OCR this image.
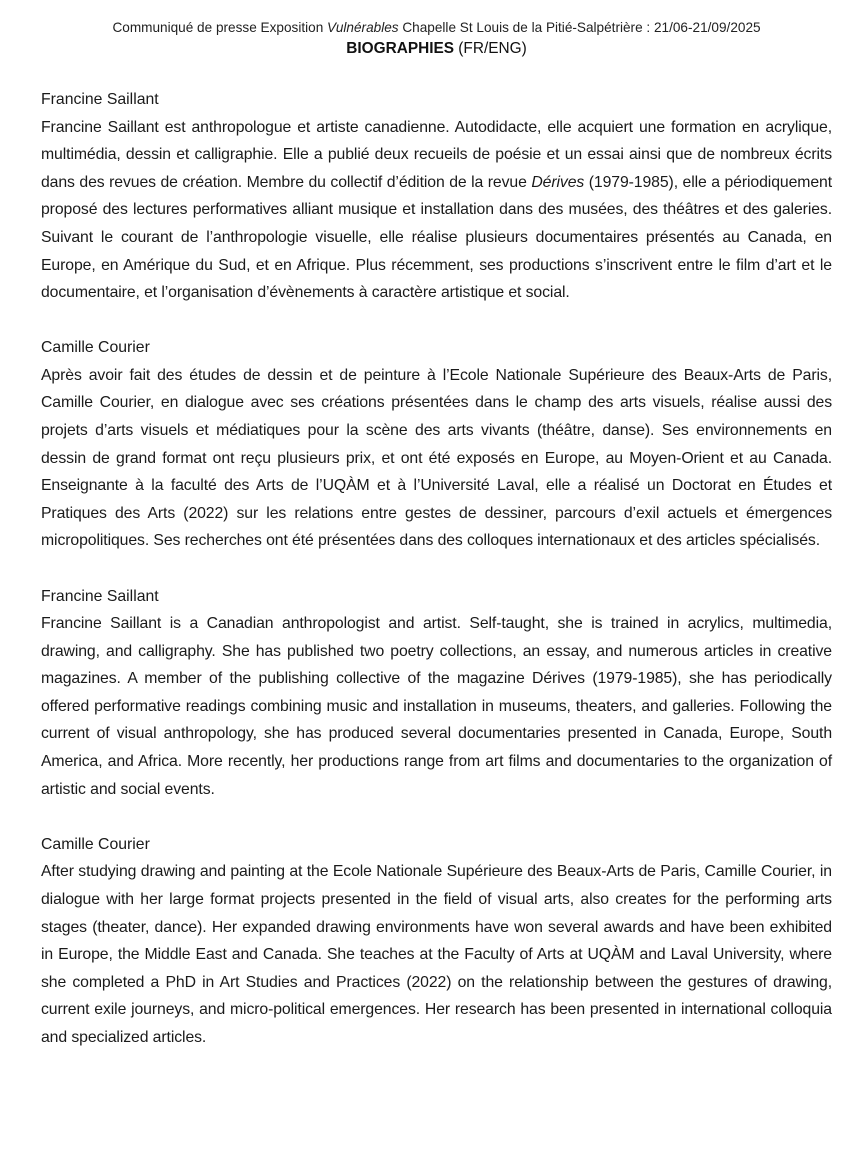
Communiqué de presse Exposition Vulnérables Chapelle St Louis de la Pitié-Salpétrière : 21/06-21/09/2025
BIOGRAPHIES (FR/ENG)
Francine Saillant
Francine Saillant est anthropologue et artiste canadienne. Autodidacte, elle acquiert une formation en acrylique, multimédia, dessin et calligraphie. Elle a publié deux recueils de poésie et un essai ainsi que de nombreux écrits dans des revues de création. Membre du collectif d’édition de la revue Dérives (1979-1985), elle a périodiquement proposé des lectures performatives alliant musique et installation dans des musées, des théâtres et des galeries. Suivant le courant de l’anthropologie visuelle, elle réalise plusieurs documentaires présentés au Canada, en Europe, en Amérique du Sud, et en Afrique. Plus récemment, ses productions s’inscrivent entre le film d’art et le documentaire, et l’organisation d’évènements à caractère artistique et social.
Camille Courier
Après avoir fait des études de dessin et de peinture à l’Ecole Nationale Supérieure des Beaux-Arts de Paris, Camille Courier, en dialogue avec ses créations présentées dans le champ des arts visuels, réalise aussi des projets d’arts visuels et médiatiques pour la scène des arts vivants (théâtre, danse). Ses environnements en dessin de grand format ont reçu plusieurs prix, et ont été exposés en Europe, au Moyen-Orient et au Canada. Enseignante à la faculté des Arts de l’UQÀM et à l’Université Laval, elle a réalisé un Doctorat en Études et Pratiques des Arts (2022) sur les relations entre gestes de dessiner, parcours d’exil actuels et émergences micropolitiques. Ses recherches ont été présentées dans des colloques internationaux et des articles spécialisés.
Francine Saillant
Francine Saillant is a Canadian anthropologist and artist. Self-taught, she is trained in acrylics, multimedia, drawing, and calligraphy. She has published two poetry collections, an essay, and numerous articles in creative magazines. A member of the publishing collective of the magazine Dérives (1979-1985), she has periodically offered performative readings combining music and installation in museums, theaters, and galleries. Following the current of visual anthropology, she has produced several documentaries presented in Canada, Europe, South America, and Africa. More recently, her productions range from art films and documentaries to the organization of artistic and social events.
Camille Courier
After studying drawing and painting at the Ecole Nationale Supérieure des Beaux-Arts de Paris, Camille Courier, in dialogue with her large format projects presented in the field of visual arts, also creates for the performing arts stages (theater, dance). Her expanded drawing environments have won several awards and have been exhibited in Europe, the Middle East and Canada. She teaches at the Faculty of Arts at UQÀM and Laval University, where she completed a PhD in Art Studies and Practices (2022) on the relationship between the gestures of drawing, current exile journeys, and micro-political emergences. Her research has been presented in international colloquia and specialized articles.
